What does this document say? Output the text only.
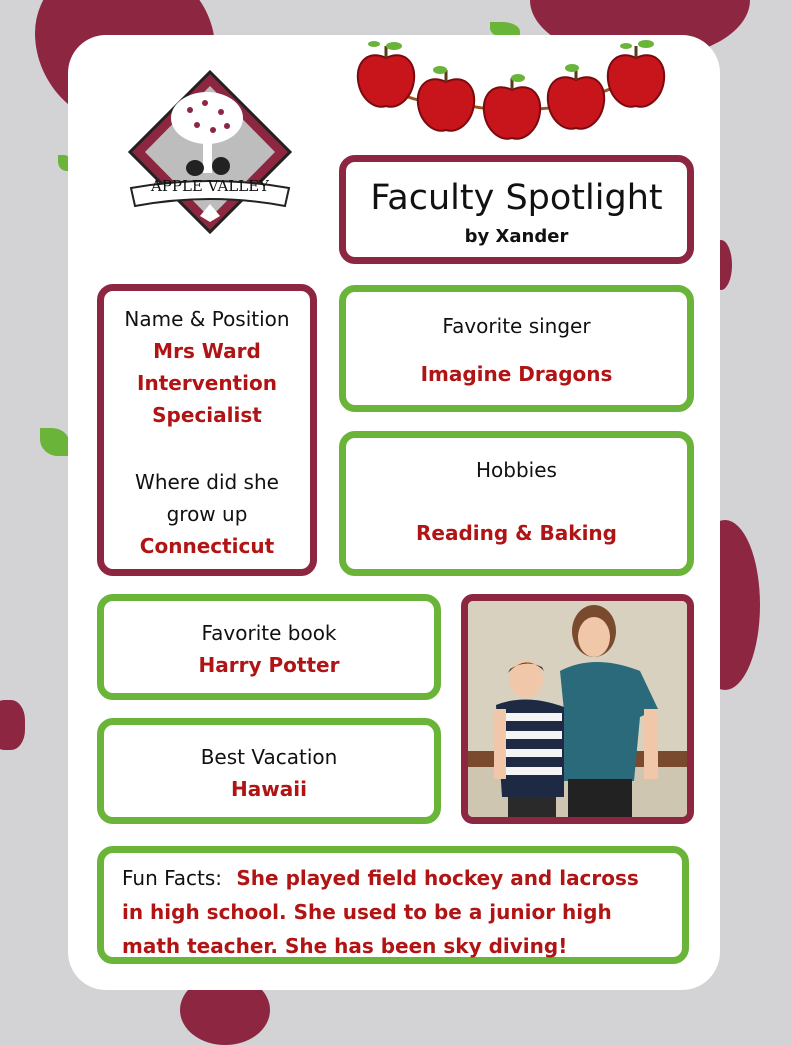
APPLE VALLEY	Faculty Spotlight
by Xander
Name & Position
Mrs Ward
Intervention
Specialist
Where did she
grow up
Connecticut
Favorite singer
Imagine Dragons
Hobbies
Reading & Baking
Favorite book
Harry Potter
Best Vacation
Hawaii
Fun Facts: She played field hockey and lacross in high school. She used to be a junior high math teacher. She has been sky diving!
